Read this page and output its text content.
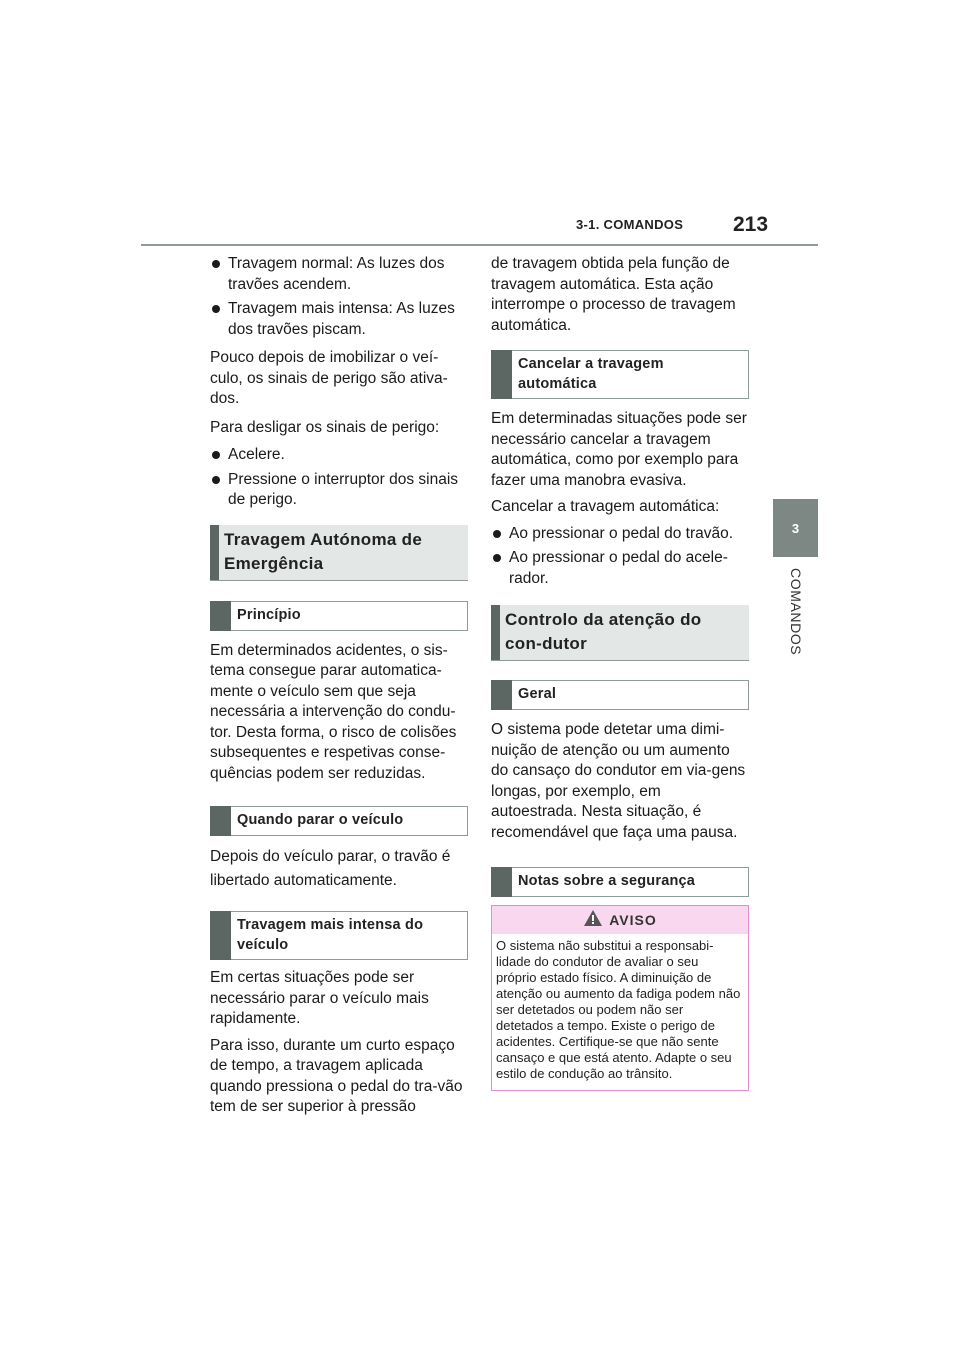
3-1. COMANDOS 213
3
COMANDOS

Travagem normal: As luzes dos travões acendem.

Travagem mais intensa: As luzes dos travões piscam.

Pouco depois de imobilizar o veí-culo, os sinais de perigo são ativa-dos.

Para desligar os sinais de perigo:

Acelere.

Pressione o interruptor dos sinais de perigo.

Travagem Autónoma de Emergência
Princípio

Em determinados acidentes, o sis-tema consegue parar automatica-mente o veículo sem que seja necessária a intervenção do condu-tor. Desta forma, o risco de colisões subsequentes e respetivas conse-quências podem ser reduzidas.

Quando parar o veículo

Depois do veículo parar, o travão é libertado automaticamente.

Travagem mais intensa do veículo

Em certas situações pode ser necessário parar o veículo mais rapidamente.

Para isso, durante um curto espaço de tempo, a travagem aplicada quando pressiona o pedal do tra-vão tem de ser superior à pressão

de travagem obtida pela função de travagem automática. Esta ação interrompe o processo de travagem automática.

Cancelar a travagem automática

Em determinadas situações pode ser necessário cancelar a travagem automática, como por exemplo para fazer uma manobra evasiva.

Cancelar a travagem automática:

Ao pressionar o pedal do travão.

Ao pressionar o pedal do acele-rador.

Controlo da atenção do con-dutor
Geral

O sistema pode detetar uma dimi-nuição de atenção ou um aumento do cansaço do condutor em via-gens longas, por exemplo, em autoestrada. Nesta situação, é recomendável que faça uma pausa.

Notas sobre a segurança
AVISO
O sistema não substitui a responsabi-lidade do condutor de avaliar o seu próprio estado físico. A diminuição de atenção ou aumento da fadiga podem não ser detetados ou podem não ser detetados a tempo. Existe o perigo de acidentes. Certifique-se que não sente cansaço e que está atento. Adapte o seu estilo de condução ao trânsito.
